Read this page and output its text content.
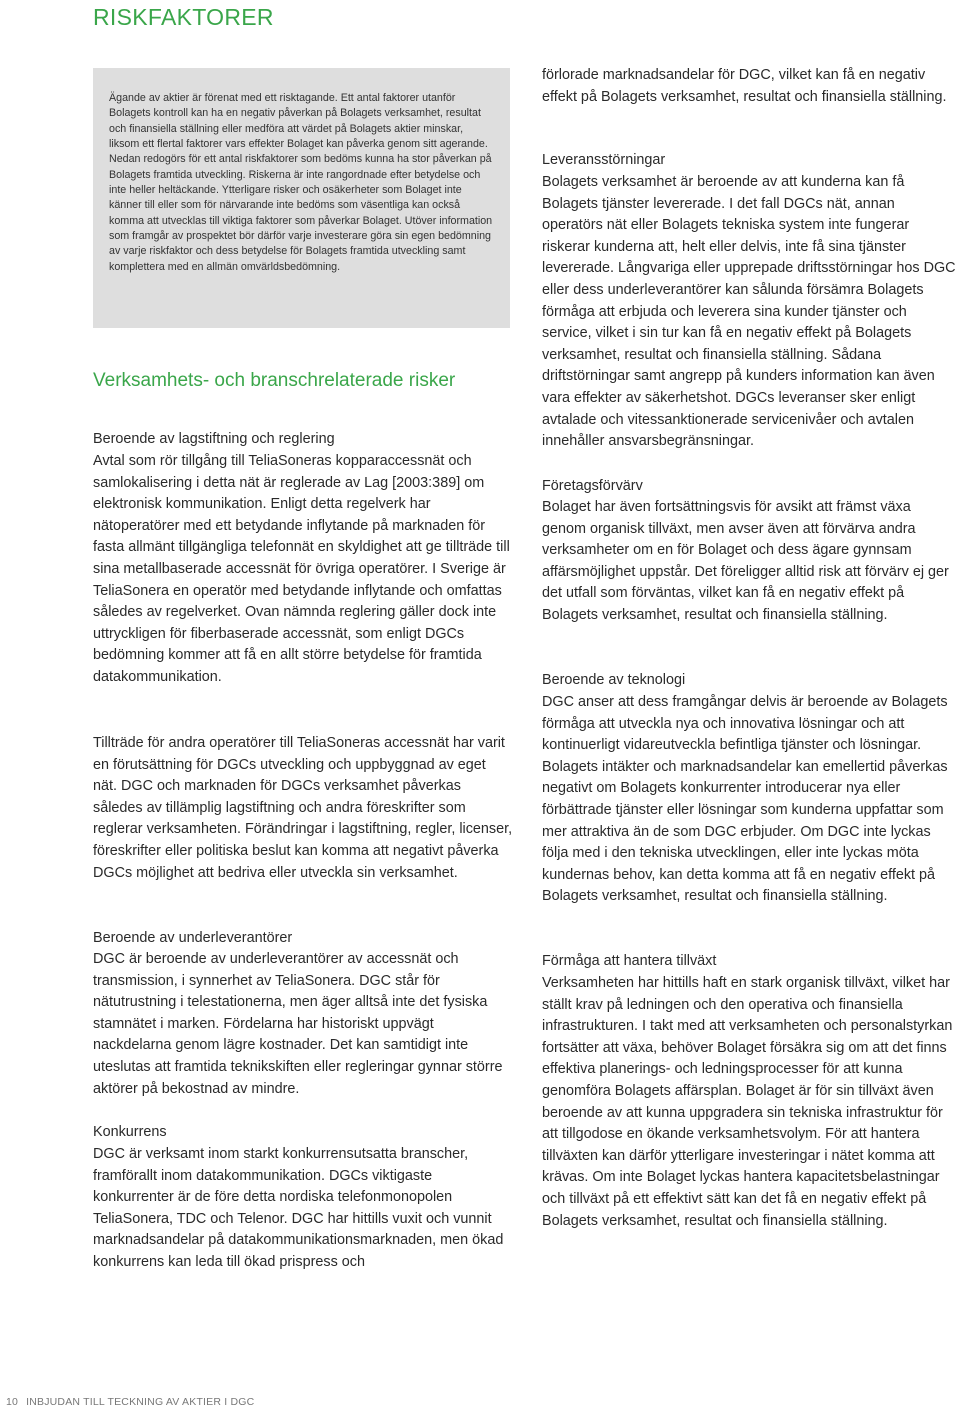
RISKFAKTORER
Ägande av aktier är förenat med ett risktagande. Ett antal faktorer utanför Bolagets kontroll kan ha en negativ påverkan på Bolagets verksamhet, resultat och finansiella ställning eller medföra att värdet på Bolagets aktier minskar, liksom ett flertal faktorer vars effekter Bolaget kan påverka genom sitt agerande. Nedan redogörs för ett antal riskfaktorer som bedöms kunna ha stor påverkan på Bolagets framtida utveckling. Riskerna är inte rangordnade efter betydelse och inte heller heltäckande. Ytterligare risker och osäkerheter som Bolaget inte känner till eller som för närvarande inte bedöms som väsentliga kan också komma att utvecklas till viktiga faktorer som påverkar Bolaget. Utöver information som framgår av prospektet bör därför varje investerare göra sin egen bedömning av varje riskfaktor och dess betydelse för Bolagets framtida utveckling samt komplettera med en allmän omvärldsbedömning.
Verksamhets- och branschrelaterade risker
Beroende av lagstiftning och reglering
Avtal som rör tillgång till TeliaSoneras kopparaccessnät och samlokalisering i detta nät är reglerade av Lag [2003:389] om elektronisk kommunikation. Enligt detta regelverk har nätoperatörer med ett betydande inflytande på marknaden för fasta allmänt tillgängliga telefonnät en skyldighet att ge tillträde till sina metallbaserade accessnät för övriga operatörer. I Sverige är TeliaSonera en operatör med betydande inflytande och omfattas således av regelverket. Ovan nämnda reglering gäller dock inte uttryckligen för fiberbaserade accessnät, som enligt DGCs bedömning kommer att få en allt större betydelse för framtida datakommunikation.
Tillträde för andra operatörer till TeliaSoneras accessnät har varit en förutsättning för DGCs utveckling och uppbyggnad av eget nät. DGC och marknaden för DGCs verksamhet påverkas således av tillämplig lagstiftning och andra föreskrifter som reglerar verksamheten. Förändringar i lagstiftning, regler, licenser, föreskrifter eller politiska beslut kan komma att negativt påverka DGCs möjlighet att bedriva eller utveckla sin verksamhet.
Beroende av underleverantörer
DGC är beroende av underleverantörer av accessnät och transmission, i synnerhet av TeliaSonera. DGC står för nätutrustning i telestationerna, men äger alltså inte det fysiska stamnätet i marken. Fördelarna har historiskt uppvägt nackdelarna genom lägre kostnader. Det kan samtidigt inte uteslutas att framtida teknikskiften eller regleringar gynnar större aktörer på bekostnad av mindre.
Konkurrens
DGC är verksamt inom starkt konkurrensutsatta branscher, framförallt inom datakommunikation. DGCs viktigaste konkurrenter är de före detta nordiska telefonmonopolen TeliaSonera, TDC och Telenor. DGC har hittills vuxit och vunnit marknadsandelar på datakommunikationsmarknaden, men ökad konkurrens kan leda till ökad prispress och
förlorade marknadsandelar för DGC, vilket kan få en negativ effekt på Bolagets verksamhet, resultat och finansiella ställning.
Leveransstörningar
Bolagets verksamhet är beroende av att kunderna kan få Bolagets tjänster levererade. I det fall DGCs nät, annan operatörs nät eller Bolagets tekniska system inte fungerar riskerar kunderna att, helt eller delvis, inte få sina tjänster levererade. Långvariga eller upprepade driftsstörningar hos DGC eller dess underleverantörer kan sålunda försämra Bolagets förmåga att erbjuda och leverera sina kunder tjänster och service, vilket i sin tur kan få en negativ effekt på Bolagets verksamhet, resultat och finansiella ställning. Sådana driftstörningar samt angrepp på kunders information kan även vara effekter av säkerhetshot. DGCs leveranser sker enligt avtalade och vitessanktionerade servicenivåer och avtalen innehåller ansvarsbegränsningar.
Företagsförvärv
Bolaget har även fortsättningsvis för avsikt att främst växa genom organisk tillväxt, men avser även att förvärva andra verksamheter om en för Bolaget och dess ägare gynnsam affärsmöjlighet uppstår. Det föreligger alltid risk att förvärv ej ger det utfall som förväntas, vilket kan få en negativ effekt på Bolagets verksamhet, resultat och finansiella ställning.
Beroende av teknologi
DGC anser att dess framgångar delvis är beroende av Bolagets förmåga att utveckla nya och innovativa lösningar och att kontinuerligt vidareutveckla befintliga tjänster och lösningar. Bolagets intäkter och marknadsandelar kan emellertid påverkas negativt om Bolagets konkurrenter introducerar nya eller förbättrade tjänster eller lösningar som kunderna uppfattar som mer attraktiva än de som DGC erbjuder. Om DGC inte lyckas följa med i den tekniska utvecklingen, eller inte lyckas möta kundernas behov, kan detta komma att få en negativ effekt på Bolagets verksamhet, resultat och finansiella ställning.
Förmåga att hantera tillväxt
Verksamheten har hittills haft en stark organisk tillväxt, vilket har ställt krav på ledningen och den operativa och finansiella infrastrukturen. I takt med att verksamheten och personalstyrkan fortsätter att växa, behöver Bolaget försäkra sig om att det finns effektiva planerings- och ledningsprocesser för att kunna genomföra Bolagets affärsplan. Bolaget är för sin tillväxt även beroende av att kunna uppgradera sin tekniska infrastruktur för att tillgodose en ökande verksamhetsvolym. För att hantera tillväxten kan därför ytterligare investeringar i nätet komma att krävas. Om inte Bolaget lyckas hantera kapacitetsbelastningar och tillväxt på ett effektivt sätt kan det få en negativ effekt på Bolagets verksamhet, resultat och finansiella ställning.
10 INBJUDAN TILL TECKNING AV AKTIER I DGC
